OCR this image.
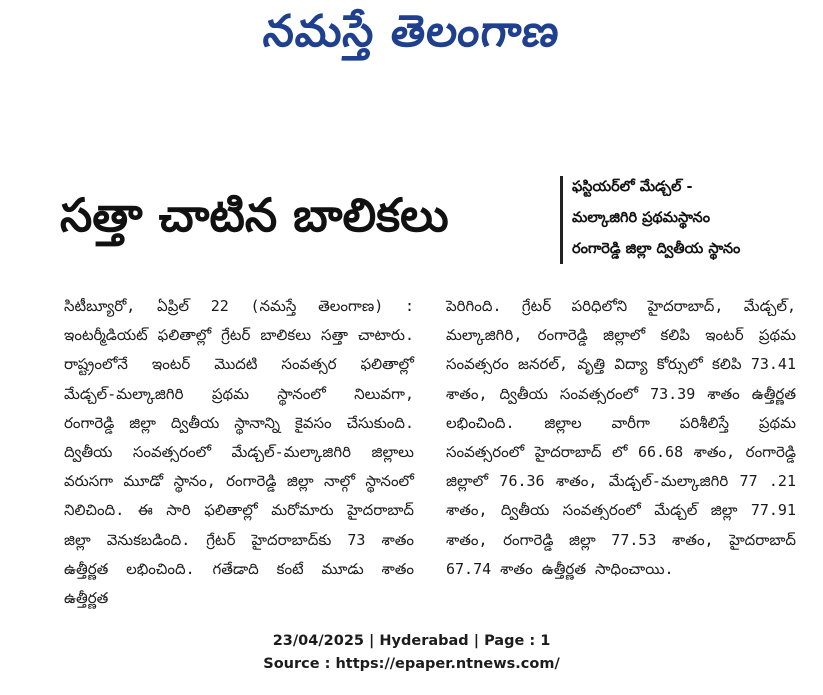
నమస్తే తెలంగాణ
సత్తా చాటిన బాలికలు
ఫస్టియర్‌లో మేడ్చల్ -
మల్కాజిగిరి ప్రథమస్థానం
రంగారెడ్డి జిల్లా ద్వితీయ స్థానం

సిటీబ్యూరో, ఏప్రిల్ 22 (నమస్తే తెలంగాణ) : ఇంటర్మీడియట్ ఫలితాల్లో గ్రేటర్ బాలికలు సత్తా చాటారు. రాష్ట్రంలోనే ఇంటర్ మొదటి సంవత్సర ఫలితాల్లో మేడ్చల్-మల్కాజిగిరి ప్రథమ స్థానంలో నిలువగా, రంగారెడ్డి జిల్లా ద్వితీయ స్థానాన్ని కైవసం చేసుకుంది. ద్వితీయ సంవత్సరంలో మేడ్చల్-మల్కాజిగిరి జిల్లాలు వరుసగా మూడో స్థానం, రంగారెడ్డి జిల్లా నాల్గో స్థానంలో నిలిచింది. ఈ సారి ఫలితాల్లో మరోమారు హైదరాబాద్ జిల్లా వెనుకబడింది. గ్రేటర్ హైదరాబాద్‌కు 73 శాతం ఉత్తీర్ణత లభించింది. గతేడాది కంటే మూడు శాతం ఉత్తీర్ణత

పెరిగింది. గ్రేటర్ పరిధిలోని హైదరాబాద్, మేడ్చల్, మల్కాజిగిరి, రంగారెడ్డి జిల్లాలో కలిపి ఇంటర్ ప్రథమ సంవత్సరం జనరల్, వృత్తి విద్యా కోర్సులో కలిపి 73.41 శాతం, ద్వితీయ సంవత్సరంలో 73.39 శాతం ఉత్తీర్ణత లభించింది. జిల్లాల వారీగా పరిశీలిస్తే ప్రథమ సంవత్సరంలో హైదరాబాద్ లో 66.68 శాతం, రంగారెడ్డి జిల్లాలో 76.36 శాతం, మేడ్చల్-మల్కాజిగిరి 77 .21 శాతం, ద్వితీయ సంవత్సరంలో మేడ్చల్ జిల్లా 77.91 శాతం, రంగారెడ్డి జిల్లా 77.53 శాతం, హైదరాబాద్ 67.74 శాతం ఉత్తీర్ణత సాధించాయి.

23/04/2025 | Hyderabad | Page : 1
Source : https://epaper.ntnews.com/
